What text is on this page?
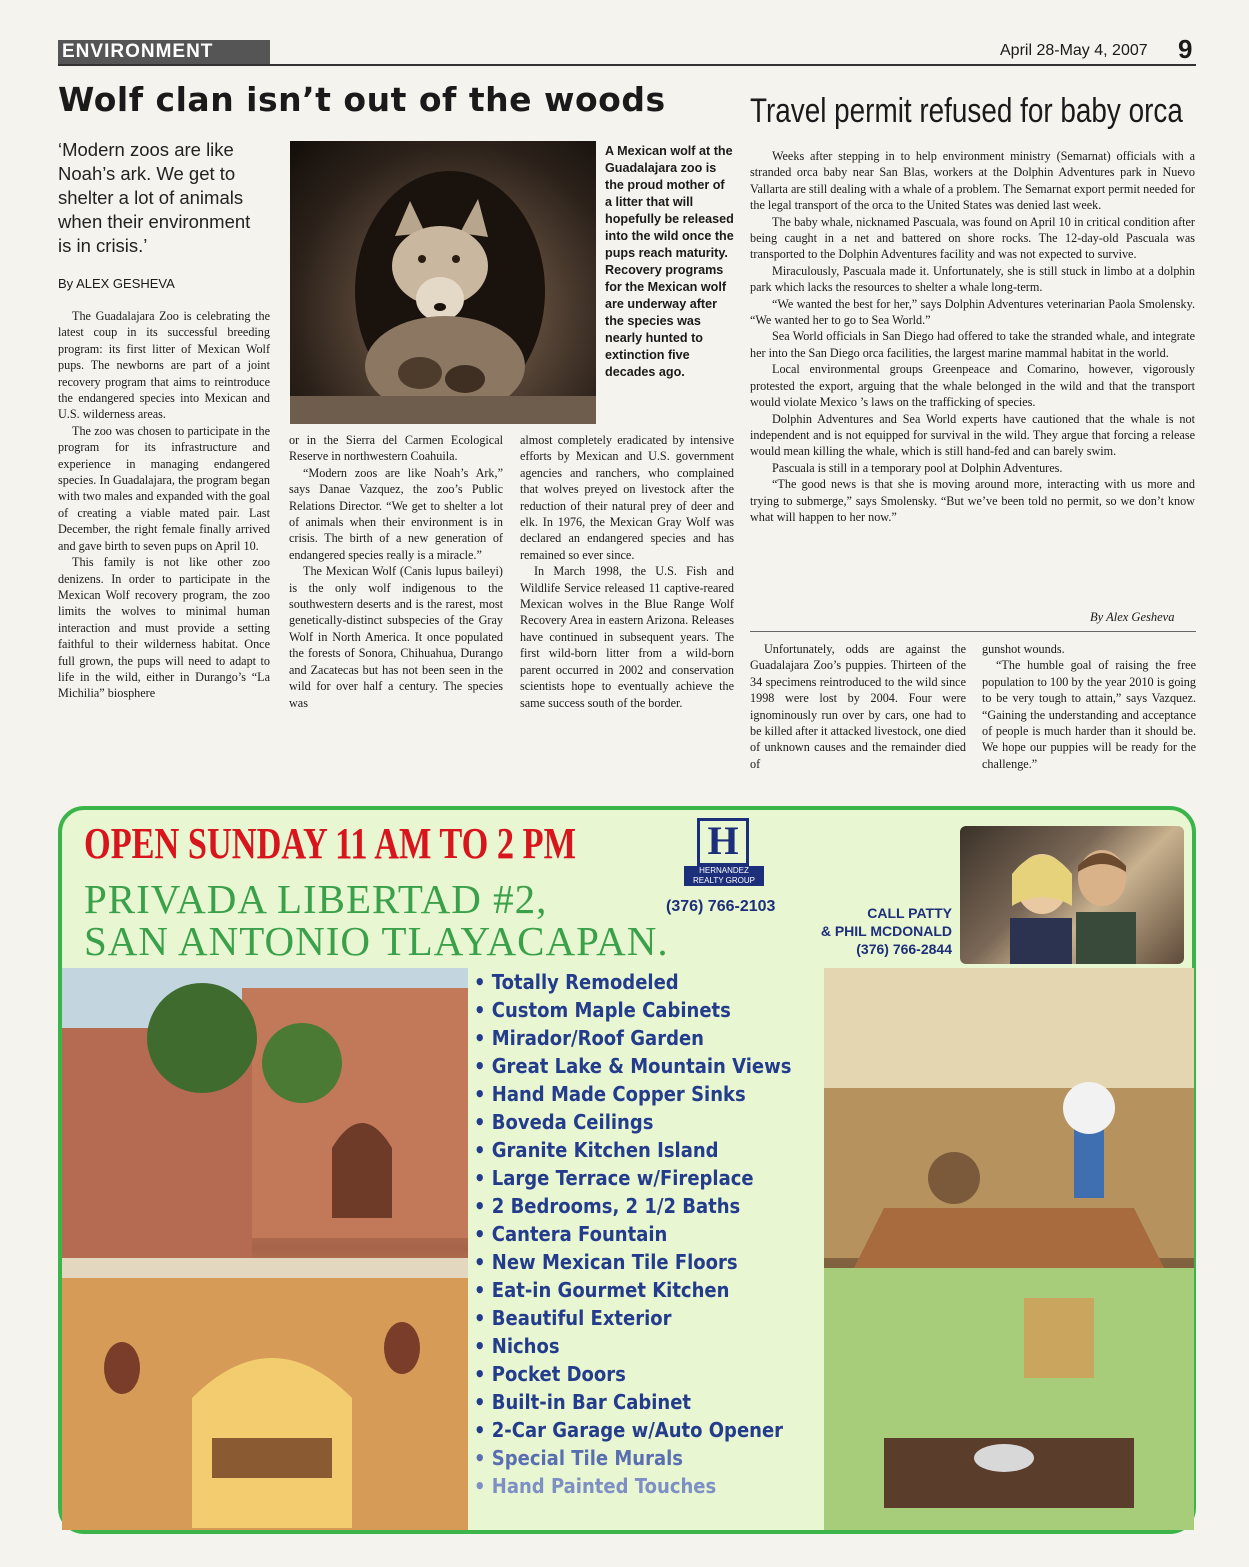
ENVIRONMENT	April 28-May 4, 2007 9
Wolf clan isn’t out of the woods
‘Modern zoos are like Noah’s ark. We get to shelter a lot of animals when their environment is in crisis.’
By ALEX GESHEVA
A Mexican wolf at the Guadalajara zoo is the proud mother of a litter that will hopefully be released into the wild once the pups reach maturity. Recovery programs for the Mexican wolf are underway after the species was nearly hunted to extinction five decades ago.

The Guadalajara Zoo is celebrating the latest coup in its successful breeding program: its first litter of Mexican Wolf pups. The newborns are part of a joint recovery program that aims to reintroduce the endangered species into Mexican and U.S. wilderness areas.

The zoo was chosen to participate in the program for its infrastructure and experience in managing endangered species. In Guadalajara, the program began with two males and expanded with the goal of creating a viable mated pair. Last December, the right female finally arrived and gave birth to seven pups on April 10.

This family is not like other zoo denizens. In order to participate in the Mexican Wolf recovery program, the zoo limits the wolves to minimal human interaction and must provide a setting faithful to their wilderness habitat. Once full grown, the pups will need to adapt to life in the wild, either in Durango’s “La Michilia” biosphere

or in the Sierra del Carmen Ecological Reserve in northwestern Coahuila.

“Modern zoos are like Noah’s Ark,” says Danae Vazquez, the zoo’s Public Relations Director. “We get to shelter a lot of animals when their environment is in crisis. The birth of a new generation of endangered species really is a miracle.”

The Mexican Wolf (Canis lupus baileyi) is the only wolf indigenous to the southwestern deserts and is the rarest, most genetically-distinct subspecies of the Gray Wolf in North America. It once populated the forests of Sonora, Chihuahua, Durango and Zacatecas but has not been seen in the wild for over half a century. The species was

almost completely eradicated by intensive efforts by Mexican and U.S. government agencies and ranchers, who complained that wolves preyed on livestock after the reduction of their natural prey of deer and elk. In 1976, the Mexican Gray Wolf was declared an endangered species and has remained so ever since.

In March 1998, the U.S. Fish and Wildlife Service released 11 captive-reared Mexican wolves in the Blue Range Wolf Recovery Area in eastern Arizona. Releases have continued in subsequent years. The first wild-born litter from a wild-born parent occurred in 2002 and conservation scientists hope to eventually achieve the same success south of the border.

Unfortunately, odds are against the Guadalajara Zoo’s puppies. Thirteen of the 34 specimens reintroduced to the wild since 1998 were lost by 2004. Four were ignominously run over by cars, one had to be killed after it attacked livestock, one died of unknown causes and the remainder died of

gunshot wounds.

“The humble goal of raising the free population to 100 by the year 2010 is going to be very tough to attain,” says Vazquez. “Gaining the understanding and acceptance of people is much harder than it should be. We hope our puppies will be ready for the challenge.”

Travel permit refused for baby orca

Weeks after stepping in to help environment ministry (Semarnat) officials with a stranded orca baby near San Blas, workers at the Dolphin Adventures park in Nuevo Vallarta are still dealing with a whale of a problem. The Semarnat export permit needed for the legal transport of the orca to the United States was denied last week.

The baby whale, nicknamed Pascuala, was found on April 10 in critical condition after being caught in a net and battered on shore rocks. The 12-day-old Pascuala was transported to the Dolphin Adventures facility and was not expected to survive.

Miraculously, Pascuala made it. Unfortunately, she is still stuck in limbo at a dolphin park which lacks the resources to shelter a whale long-term.

“We wanted the best for her,” says Dolphin Adventures veterinarian Paola Smolensky. “We wanted her to go to Sea World.”

Sea World officials in San Diego had offered to take the stranded whale, and integrate her into the San Diego orca facilities, the largest marine mammal habitat in the world.

Local environmental groups Greenpeace and Comarino, however, vigorously protested the export, arguing that the whale belonged in the wild and that the transport would violate Mexico ’s laws on the trafficking of species.

Dolphin Adventures and Sea World experts have cautioned that the whale is not independent and is not equipped for survival in the wild. They argue that forcing a release would mean killing the whale, which is still hand-fed and can barely swim.

Pascuala is still in a temporary pool at Dolphin Adventures.

“The good news is that she is moving around more, interacting with us more and trying to submerge,” says Smolensky. “But we’ve been told no permit, so we don’t know what will happen to her now.”

By Alex Gesheva
OPEN SUNDAY 11 AM TO 2 PM
PRIVADA LIBERTAD #2,
SAN ANTONIO TLAYACAPAN.
H
HERNANDEZ REALTY GROUP
(376) 766-2103	CALL PATTY
& PHIL MCDONALD
(376) 766-2844
• Totally Remodeled
• Custom Maple Cabinets
• Mirador/Roof Garden
• Great Lake & Mountain Views
• Hand Made Copper Sinks
• Boveda Ceilings
• Granite Kitchen Island
• Large Terrace w/Fireplace
• 2 Bedrooms, 2 1/2 Baths
• Cantera Fountain
• New Mexican Tile Floors
• Eat-in Gourmet Kitchen
• Beautiful Exterior
• Nichos
• Pocket Doors
• Built-in Bar Cabinet
• 2-Car Garage w/Auto Opener
• Special Tile Murals
• Hand Painted Touches
